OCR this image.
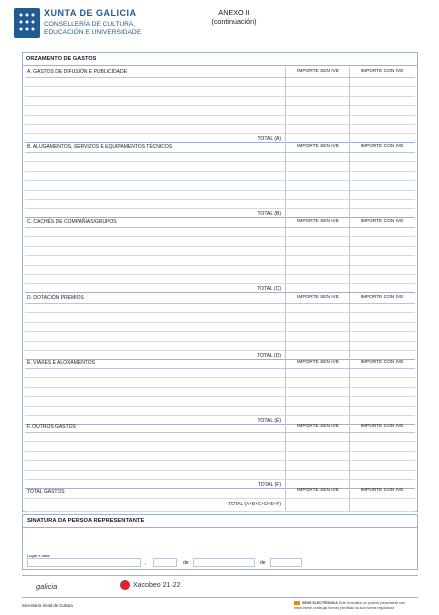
XUNTA DE GALICIA
CONSELLERÍA DE CULTURA,
EDUCACIÓN E UNIVERSIDADE
ANEXO II
(continuación)
ORZAMENTO DE GASTOS
A. GASTOS DE DIFUSIÓN E PUBLICIDADE	IMPORTE SEN IVE	IMPORTE CON IVE
TOTAL (A)
B. ALUGAMENTOS, SERVIZOS E EQUIPAMENTOS TÉCNICOS	IMPORTE SEN IVE	IMPORTE CON IVE
TOTAL (B)
C. CACHÉS DE COMPAÑÍAS/GRUPOS	IMPORTE SEN IVE	IMPORTE CON IVE
TOTAL (C)
D. DOTACIÓN PREMIOS	IMPORTE SEN IVE	IMPORTE CON IVE
TOTAL (D)
E. VIAXES E ALOXAMENTOS	IMPORTE SEN IVE	IMPORTE CON IVE
TOTAL (E)
F. OUTROS GASTOS	IMPORTE SEN IVE	IMPORTE CON IVE
TOTAL (F)
TOTAL GASTOS	IMPORTE SEN IVE	IMPORTE CON IVE
TOTAL (A+B+C+D+E+F)
SINATURA DA PERSOA REPRESENTANTE
Lugar e data
,	de	de
galicia	Xacobeo 21·22
Secretaría Xeral de Cultura	SEDE ELECTRÓNICA Este formulario só poderá presentarse nas
https://sede.xunta.gal formas previstas na súa norma reguladora
